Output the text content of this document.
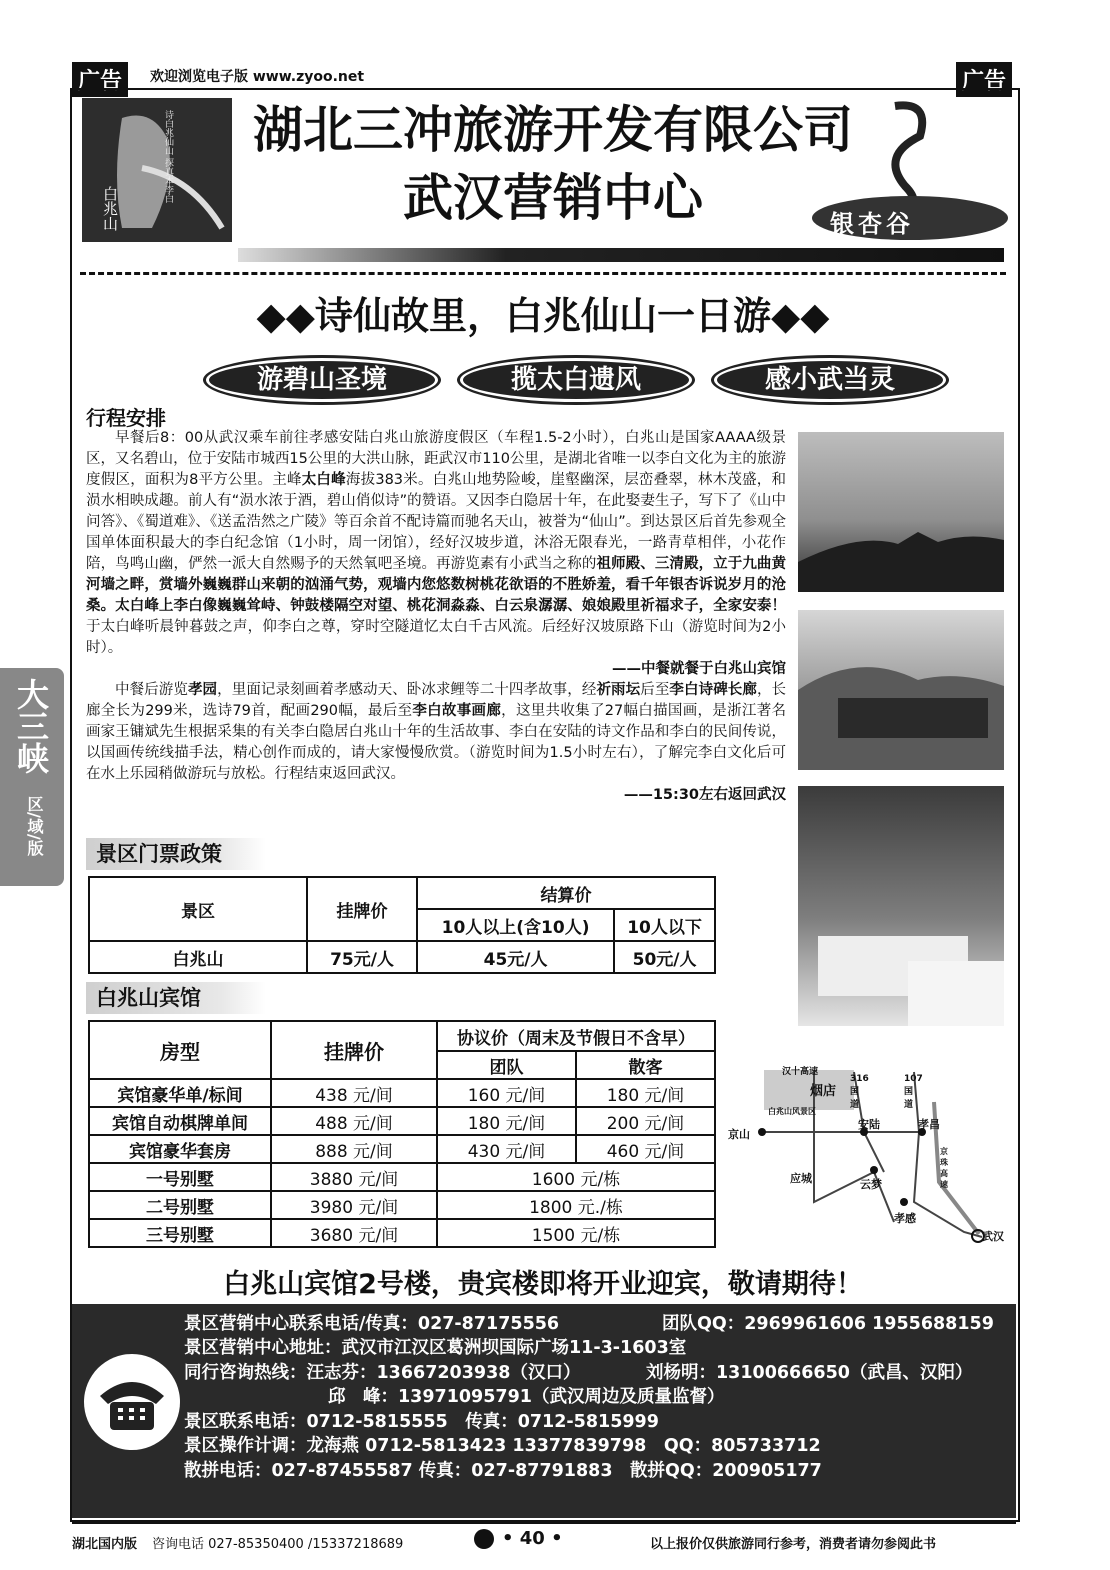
广告	欢迎浏览电子版 www.zyoo.net	广告
白兆山
诗白兆仙山 探真本李白	湖北三冲旅游开发有限公司
武汉营销中心	银杏谷
◆◆诗仙故里，白兆仙山一日游◆◆
游碧山圣境	揽太白遗风	感小武当灵
行程安排

早餐后8：00从武汉乘车前往孝感安陆白兆山旅游度假区（车程1.5-2小时），白兆山是国家AAAA级景区，又名碧山，位于安陆市城西15公里的大洪山脉，距武汉市110公里，是湖北省唯一以李白文化为主的旅游度假区，面积为8平方公里。主峰太白峰海拔383米。白兆山地势险峻，崖壑幽深，层峦叠翠，林木茂盛，和涢水相映成趣。前人有“涢水浓于酒，碧山俏似诗”的赞语。又因李白隐居十年，在此娶妻生子，写下了《山中问答》、《蜀道难》、《送孟浩然之广陵》等百余首不配诗篇而驰名天山，被誉为“仙山”。到达景区后首先参观全国单体面积最大的李白纪念馆（1小时，周一闭馆），经好汉坡步道，沐浴无限春光，一路青草相伴，小花作陪，鸟鸣山幽，俨然一派大自然赐予的天然氧吧圣境。再游览素有小武当之称的祖师殿、三清殿，立于九曲黄河墙之畔，赏墙外巍巍群山来朝的汹涌气势，观墙内您悠数树桃花欲语的不胜娇羞，看千年银杏诉说岁月的沧桑。太白峰上李白像巍巍耸峙、钟鼓楼隔空对望、桃花洞淼淼、白云泉潺潺、娘娘殿里祈福求子，全家安泰！于太白峰听晨钟暮鼓之声，仰李白之尊，穿时空隧道忆太白千古风流。后经好汉坡原路下山（游览时间为2小时）。

——中餐就餐于白兆山宾馆

中餐后游览孝园，里面记录刻画着孝感动天、卧冰求鲤等二十四孝故事，经祈雨坛后至李白诗碑长廊，长廊全长为299米，选诗79首，配画290幅，最后至李白故事画廊，这里共收集了27幅白描国画，是浙江著名画家王镛斌先生根据采集的有关李白隐居白兆山十年的生活故事、李白在安陆的诗文作品和李白的民间传说，以国画传统线描手法，精心创作而成的，请大家慢慢欣赏。（游览时间为1.5小时左右），了解完李白文化后可在水上乐园稍做游玩与放松。行程结束返回武汉。

——15:30左右返回武汉
景区门票政策
景区	挂牌价	结算价	
		10人以上(含10人)	10人以下
白兆山	75元/人	45元/人	50元/人
白兆山宾馆
房型	挂牌价	协议价（周末及节假日不含早）	
		团队	散客
宾馆豪华单/标间	438 元/间	160 元/间	180 元/间
宾馆自动棋牌单间	488 元/间	180 元/间	200 元/间
宾馆豪华套房	888 元/间	430 元/间	460 元/间
一号别墅	3880 元/间	1600 元/栋	
二号别墅	3980 元/间	1800 元./栋	
三号别墅	3680 元/间	1500 元/栋	
汉十高速
烟店
316国道
107国道
白兆山风景区
京山
安陆	孝昌
京珠高速
应城	云梦
孝感
武汉
白兆山宾馆2号楼，贵宾楼即将开业迎宾，敬请期待！
景区营销中心联系电话/传真：027-87175556	团队QQ：2969961606 1955688159
景区营销中心地址：武汉市江汉区葛洲坝国际广场11-3-1603室
同行咨询热线：汪志芬：13667203938（汉口）	刘杨明：13100666650（武昌、汉阳）
邱　峰：13971095791（武汉周边及质量监督）
景区联系电话：0712-5815555　传真：0712-5815999
景区操作计调：龙海燕 0712-5813423 13377839798　QQ：805733712
散拼电话：027-87455587 传真：027-87791883　散拼QQ：200905177
大三峡
区/域/版
湖北国内版 咨询电话 027-85350400 /15337218689	• 40 •	以上报价仅供旅游同行参考，消费者请勿参阅此书
